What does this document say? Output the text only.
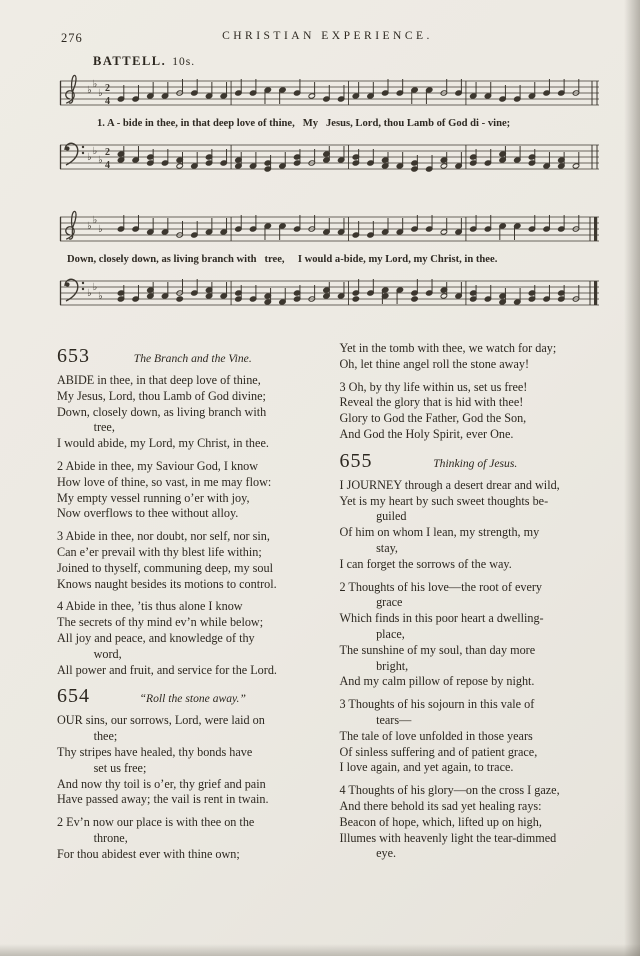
276	CHRISTIAN EXPERIENCE.
BATTELL. 10s.
♭
♭
♭ 2
4
1. A - bide in thee, in that deep love of thine,  My  Jesus, Lord, thou Lamb of God di - vine;
♭
♭
♭
2
4
♭
♭
♭
Down, closely down, as living branch with  tree,   I would a-bide, my Lord, my Christ, in thee.
♭
♭
♭
653	The Branch and the Vine.
ABIDE in thee, in that deep love of thine,
My Jesus, Lord, thou Lamb of God divine;
Down, closely down, as living branch with
   tree,
I would abide, my Lord, my Christ, in thee.
2 Abide in thee, my Saviour God, I know
How love of thine, so vast, in me may flow:
My empty vessel running o’er with joy,
Now overflows to thee without alloy.
3 Abide in thee, nor doubt, nor self, nor sin,
Can e’er prevail with thy blest life within;
Joined to thyself, communing deep, my soul
Knows naught besides its motions to control.
4 Abide in thee, ’tis thus alone I know
The secrets of thy mind ev’n while below;
All joy and peace, and knowledge of thy
   word,
All power and fruit, and service for the Lord.
654	“Roll the stone away.”
OUR sins, our sorrows, Lord, were laid on
   thee;
Thy stripes have healed, thy bonds have
   set us free;
And now thy toil is o’er, thy grief and pain
Have passed away; the vail is rent in twain.
2 Ev’n now our place is with thee on the
   throne,
For thou abidest ever with thine own;
Yet in the tomb with thee, we watch for day;
Oh, let thine angel roll the stone away!
3 Oh, by thy life within us, set us free!
Reveal the glory that is hid with thee!
Glory to God the Father, God the Son,
And God the Holy Spirit, ever One.
655	Thinking of Jesus.
I JOURNEY through a desert drear and wild,
Yet is my heart by such sweet thoughts be-
   guiled
Of him on whom I lean, my strength, my
   stay,
I can forget the sorrows of the way.
2 Thoughts of his love—the root of every
   grace
Which finds in this poor heart a dwelling-
   place,
The sunshine of my soul, than day more
   bright,
And my calm pillow of repose by night.
3 Thoughts of his sojourn in this vale of
   tears—
The tale of love unfolded in those years
Of sinless suffering and of patient grace,
I love again, and yet again, to trace.
4 Thoughts of his glory—on the cross I gaze,
And there behold its sad yet healing rays:
Beacon of hope, which, lifted up on high,
Illumes with heavenly light the tear-dimmed
   eye.
